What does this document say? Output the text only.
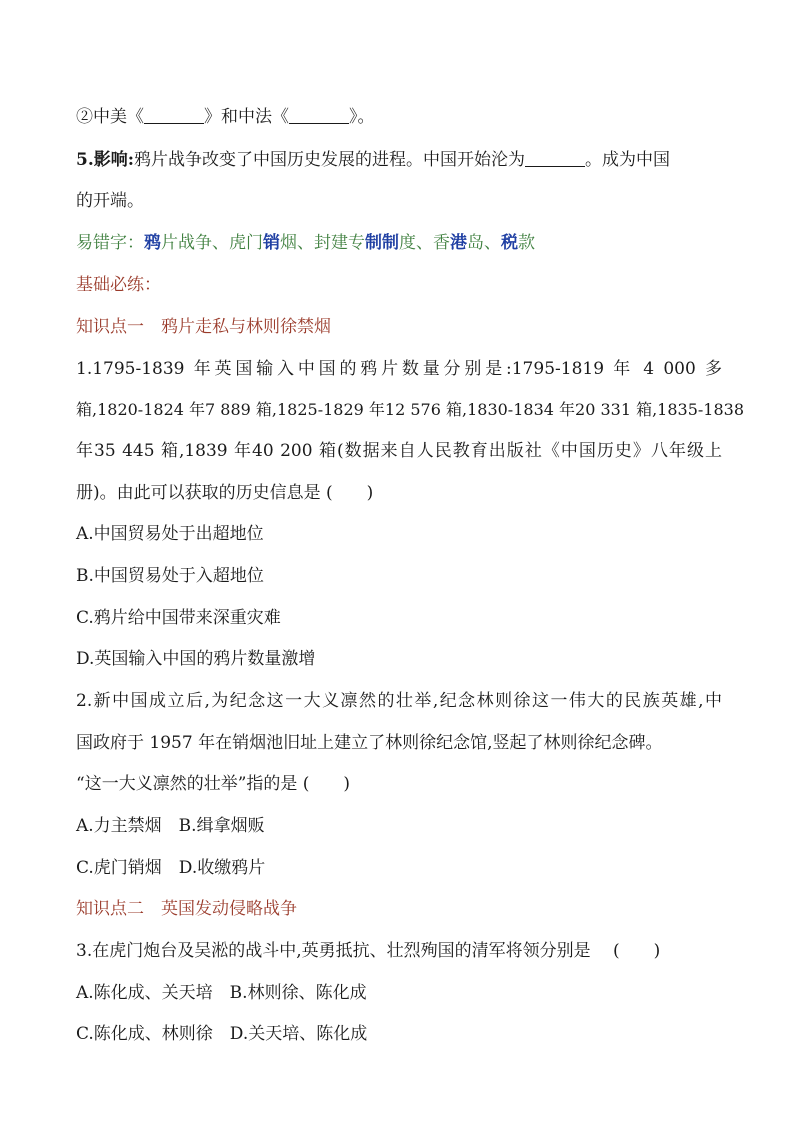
②中美《	》和中法《	》。
5.影响:鸦片战争改变了中国历史发展的进程。中国开始沦为	。成为中国
的开端。
易错字：鸦片战争、虎门销烟、封建专制制度、香港岛、税款
基础必练：
知识点一　鸦片走私与林则徐禁烟
1.1795-1839 年英国输入中国的鸦片数量分别是:1795-1819 年 4 000 多
箱,1820-1824 年7 889 箱,1825-1829 年12 576 箱,1830-1834 年20 331 箱,1835-1838
年35 445 箱,1839 年40 200 箱(数据来自人民教育出版社《中国历史》八年级上
册)。由此可以获取的历史信息是 (　　)
A.中国贸易处于出超地位
B.中国贸易处于入超地位
C.鸦片给中国带来深重灾难
D.英国输入中国的鸦片数量激增
2.新中国成立后,为纪念这一大义凛然的壮举,纪念林则徐这一伟大的民族英雄,中
国政府于 1957 年在销烟池旧址上建立了林则徐纪念馆,竖起了林则徐纪念碑。
“这一大义凛然的壮举”指的是 (　　)
A.力主禁烟　B.缉拿烟贩
C.虎门销烟　D.收缴鸦片
知识点二　英国发动侵略战争
3.在虎门炮台及吴淞的战斗中,英勇抵抗、壮烈殉国的清军将领分别是　 (　　)
A.陈化成、关天培　B.林则徐、陈化成
C.陈化成、林则徐　D.关天培、陈化成
